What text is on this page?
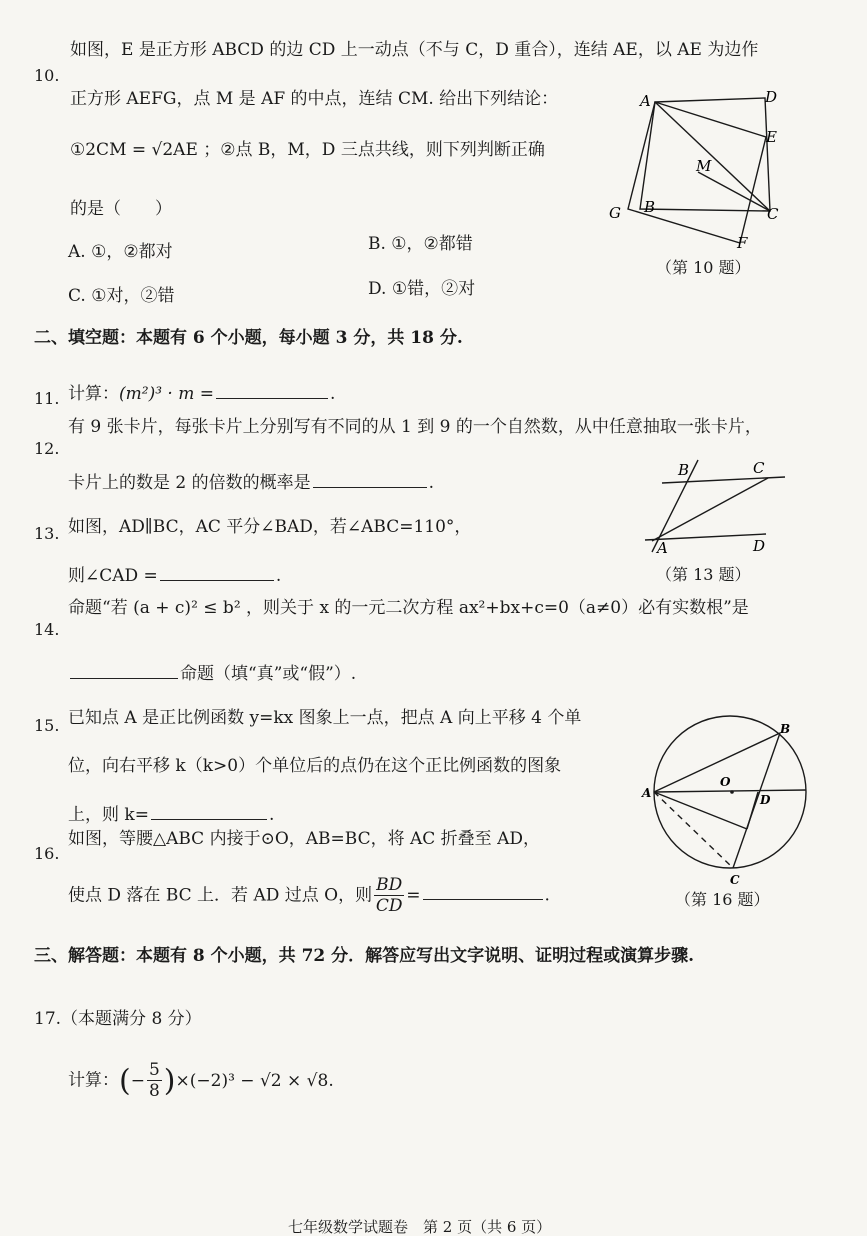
10.
如图，E 是正方形 ABCD 的边 CD 上一动点（不与 C，D 重合），连结 AE，以 AE 为边作
正方形 AEFG，点 M 是 AF 的中点，连结 CM. 给出下列结论：
①2CM = √2AE ；②点 B，M，D 三点共线，则下列判断正确
的是（　　）
A. ①，②都对	B. ①，②都错
C. ①对，②错	D. ①错，②对
A	D
E
M
G B	C
F
（第 10 题）
二、填空题：本题有 6 个小题，每小题 3 分，共 18 分.
11. 计算：(m²)³ · m =	.
12.
有 9 张卡片，每张卡片上分别写有不同的从 1 到 9 的一个自然数，从中任意抽取一张卡片，
卡片上的数是 2 的倍数的概率是	.
13. 如图，AD∥BC，AC 平分∠BAD，若∠ABC=110°，
则∠CAD =	.
B	C
A	D
（第 13 题）
14.
命题“若 (a + c)² ≤ b² ，则关于 x 的一元二次方程 ax²+bx+c=0（a≠0）必有实数根”是
命题（填“真”或“假”）.
15. 已知点 A 是正比例函数 y=kx 图象上一点，把点 A 向上平移 4 个单
位，向右平移 k（k>0）个单位后的点仍在这个正比例函数的图象
上，则 k=	.
16.
如图，等腰△ABC 内接于⊙O，AB=BC，将 AC 折叠至 AD，
使点 D 落在 BC 上．若 AD 过点 O，则 $\frac{BD}{CD}$ =	.
A
B
O
D
C
（第 16 题）
三、解答题：本题有 8 个小题，共 72 分．解答应写出文字说明、证明过程或演算步骤.
17.（本题满分 8 分）
计算：(− $\frac{5}{8} )\times(-2)^3 - √2 \times √8$.
七年级数学试题卷　第 2 页（共 6 页）
